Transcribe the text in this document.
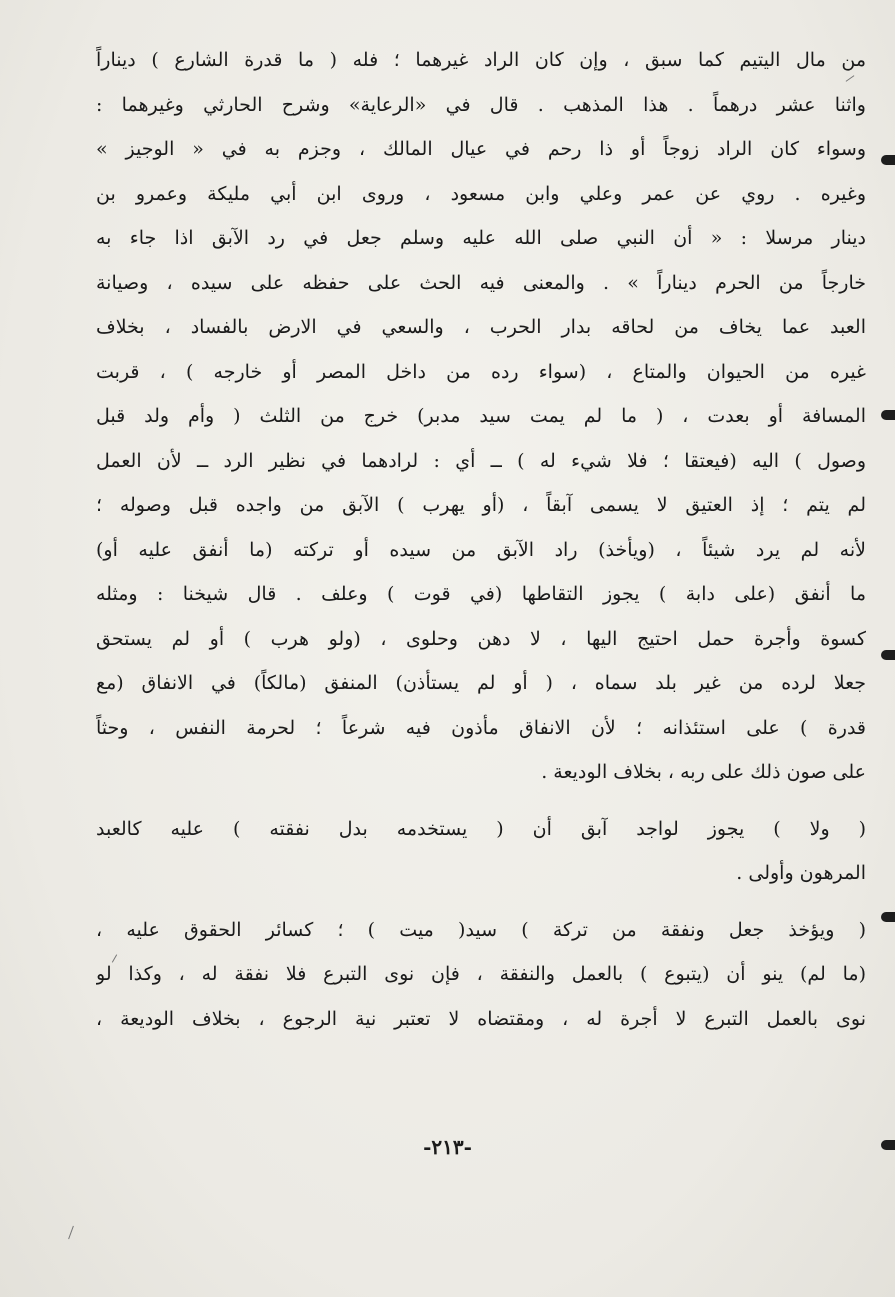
من مال اليتيم كما سبق ، وإن كان الراد غيرهما ؛ فله ( ما قدرة الشارع ) ديناراً
واثنا عشر درهماً . هذا المذهب . قال في «الرعاية» وشرح الحارثي وغيرهما :
وسواء كان الراد زوجاً أو ذا رحم في عيال المالك ، وجزم به في « الوجيز »
وغيره . روي عن عمر وعلي وابن مسعود ، وروى ابن أبي مليكة وعمرو بن
دينار مرسلا : « أن النبي صلى الله عليه وسلم جعل في رد الآبق اذا جاء به
خارجاً من الحرم ديناراً » . والمعنى فيه الحث على حفظه على سيده ، وصيانة
العبد عما يخاف من لحاقه بدار الحرب ، والسعي في الارض بالفساد ، بخلاف
غيره من الحيوان والمتاع ، (سواء رده من داخل المصر أو خارجه ) ، قربت
المسافة أو بعدت ، ( ما لم يمت سيد مدبر) خرج من الثلث ( وأم ولد قبل
وصول ) اليه (فيعتقا ؛ فلا شيء له ) ــ أي : لرادهما في نظير الرد ــ لأن العمل
لم يتم ؛ إذ العتيق لا يسمى آبقاً ، (أو يهرب ) الآبق من واجده قبل وصوله ؛
لأنه لم يرد شيئاً ، (ويأخذ) راد الآبق من سيده أو تركته (ما أنفق عليه أو)
ما أنفق (على دابة ) يجوز التقاطها (في قوت ) وعلف . قال شيخنا : ومثله
كسوة وأجرة حمل احتيج اليها ، لا دهن وحلوى ، (ولو هرب ) أو لم يستحق
جعلا لرده من غير بلد سماه ، ( أو لم يستأذن) المنفق (مالكاً) في الانفاق (مع
قدرة ) على استئذانه ؛ لأن الانفاق مأذون فيه شرعاً ؛ لحرمة النفس ، وحثاً
على صون ذلك على ربه ، بخلاف الوديعة .
( ولا ) يجوز لواجد آبق أن ( يستخدمه بدل نفقته ) عليه كالعبد
المرهون وأولى .
( ويؤخذ جعل ونفقة من تركة ) سيد( ميت ) ؛ كسائر الحقوق عليه ،
(ما لم) ينو أن (يتبوع ) بالعمل والنفقة ، فإن نوى التبرع فلا نفقة له ، وكذا لو
نوى بالعمل التبرع لا أجرة له ، ومقتضاه لا تعتبر نية الرجوع ، بخلاف الوديعة ،
-٢١٣-
